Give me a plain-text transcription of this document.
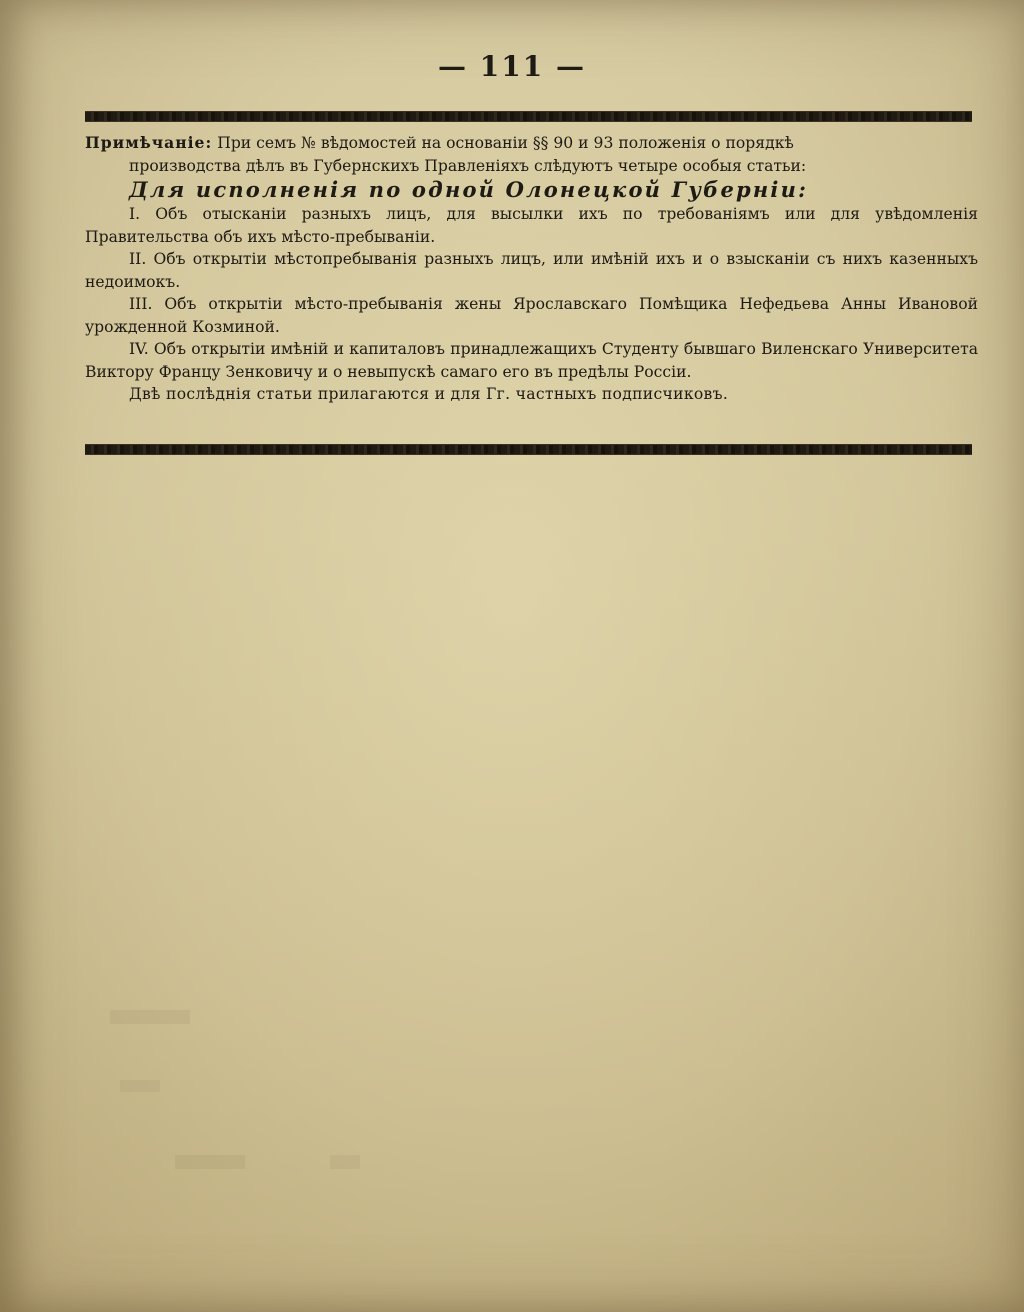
— 111 —

Примѣчаніе: При семъ № вѣдомостей на основаніи §§ 90 и 93 положенія о порядкѣ

производства дѣлъ въ Губернскихъ Правленіяхъ слѣдуютъ четыре особыя статьи:

Для исполненія по одной Олонецкой Губерніи:

I. Объ отысканіи разныхъ лицъ, для высылки ихъ по требованіямъ или для увѣдомленія Правительства объ ихъ мѣсто-пребываніи.

II. Объ открытіи мѣстопребыванія разныхъ лицъ, или имѣній ихъ и о взысканіи съ нихъ казенныхъ недоимокъ.

III. Объ открытіи мѣсто-пребыванія жены Ярославскаго Помѣщика Нефедьева Анны Ивановой урожденной Козминой.

IV. Объ открытіи имѣній и капиталовъ принадлежащихъ Студенту бывшаго Виленскаго Университета Виктору Францу Зенковичу и о невыпускѣ самаго его въ предѣлы Россіи.

Двѣ послѣднія статьи прилагаются и для Гг. частныхъ подписчиковъ.
